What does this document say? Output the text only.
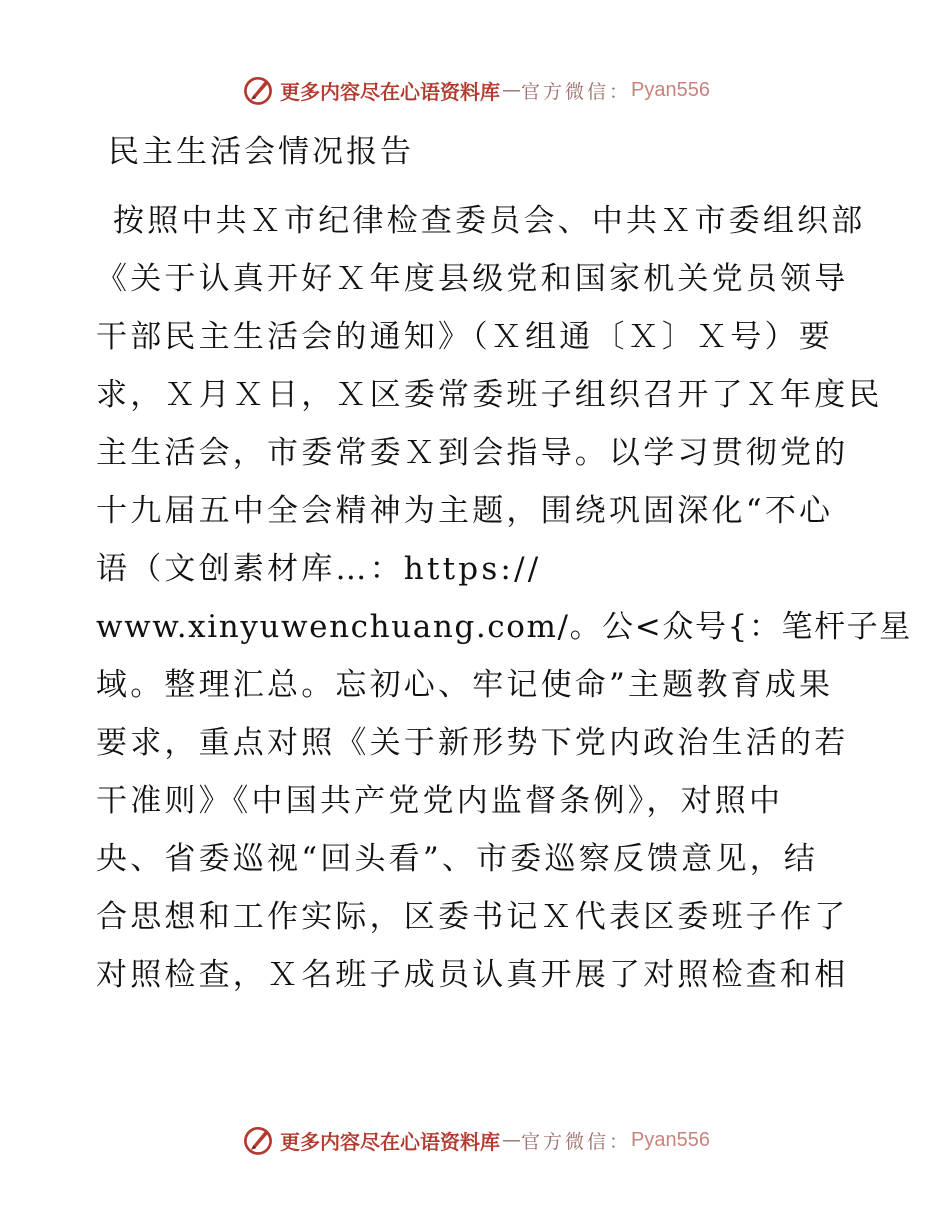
更多内容尽在心语资料库 — 官方微信： Pyan556
民主生活会情况报告
按照中共Ｘ市纪律检查委员会、中共Ｘ市委组织部
《关于认真开好Ｘ年度县级党和国家机关党员领导
干部民主生活会的通知》（Ｘ组通〔Ｘ〕Ｘ号）要
求，Ｘ月Ｘ日，Ｘ区委常委班子组织召开了Ｘ年度民
主生活会，市委常委Ｘ到会指导。以学习贯彻党的
十九届五中全会精神为主题，围绕巩固深化“不心
语（文创素材库…：https://
www.xinyuwenchuang.com/。公<众号{：笔杆子星
域。整理汇总。忘初心、牢记使命”主题教育成果
要求，重点对照《关于新形势下党内政治生活的若
干准则》《中国共产党党内监督条例》，对照中
央、省委巡视“回头看”、市委巡察反馈意见，结
合思想和工作实际，区委书记Ｘ代表区委班子作了
对照检查，Ｘ名班子成员认真开展了对照检查和相
更多内容尽在心语资料库 — 官方微信： Pyan556
